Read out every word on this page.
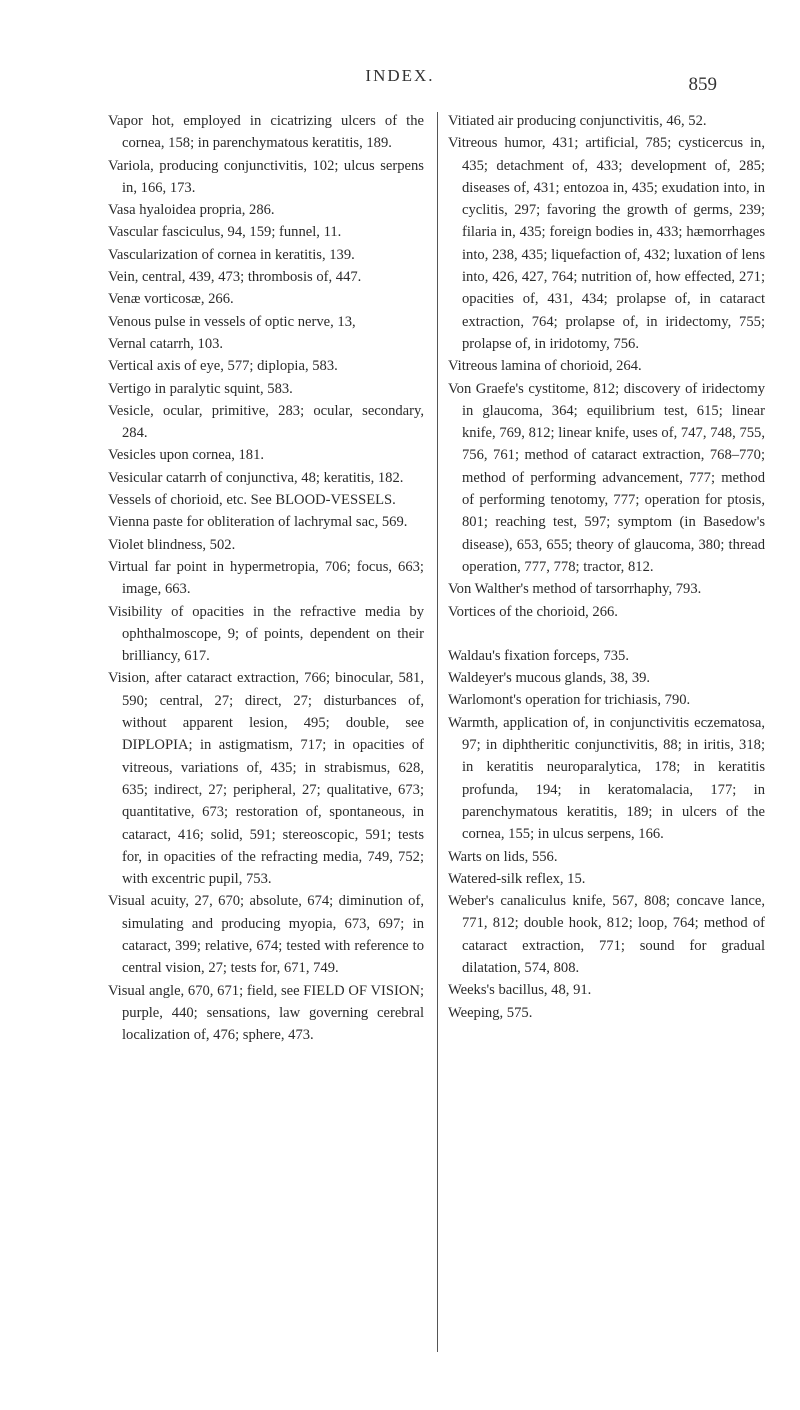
INDEX.	859

Vapor hot, employed in cicatrizing ulcers of the cornea, 158; in parenchymatous keratitis, 189.

Variola, producing conjunctivitis, 102; ulcus serpens in, 166, 173.

Vasa hyaloidea propria, 286.

Vascular fasciculus, 94, 159; funnel, 11.

Vascularization of cornea in keratitis, 139.

Vein, central, 439, 473; thrombosis of, 447.

Venæ vorticosæ, 266.

Venous pulse in vessels of optic nerve, 13,

Vernal catarrh, 103.

Vertical axis of eye, 577; diplopia, 583.

Vertigo in paralytic squint, 583.

Vesicle, ocular, primitive, 283; ocular, secondary, 284.

Vesicles upon cornea, 181.

Vesicular catarrh of conjunctiva, 48; keratitis, 182.

Vessels of chorioid, etc. See BLOOD-VESSELS.

Vienna paste for obliteration of lachrymal sac, 569.

Violet blindness, 502.

Virtual far point in hypermetropia, 706; focus, 663; image, 663.

Visibility of opacities in the refractive media by ophthalmoscope, 9; of points, dependent on their brilliancy, 617.

Vision, after cataract extraction, 766; binocular, 581, 590; central, 27; direct, 27; disturbances of, without apparent lesion, 495; double, see DIPLOPIA; in astigmatism, 717; in opacities of vitreous, variations of, 435; in strabismus, 628, 635; indirect, 27; peripheral, 27; qualitative, 673; quantitative, 673; restoration of, spontaneous, in cataract, 416; solid, 591; stereoscopic, 591; tests for, in opacities of the refracting media, 749, 752; with excentric pupil, 753.

Visual acuity, 27, 670; absolute, 674; diminution of, simulating and producing myopia, 673, 697; in cataract, 399; relative, 674; tested with reference to central vision, 27; tests for, 671, 749.

Visual angle, 670, 671; field, see FIELD OF VISION; purple, 440; sensations, law governing cerebral localization of, 476; sphere, 473.

Vitiated air producing conjunctivitis, 46, 52.

Vitreous humor, 431; artificial, 785; cysticercus in, 435; detachment of, 433; development of, 285; diseases of, 431; entozoa in, 435; exudation into, in cyclitis, 297; favoring the growth of germs, 239; filaria in, 435; foreign bodies in, 433; hæmorrhages into, 238, 435; liquefaction of, 432; luxation of lens into, 426, 427, 764; nutrition of, how effected, 271; opacities of, 431, 434; prolapse of, in cataract extraction, 764; prolapse of, in iridectomy, 755; prolapse of, in iridotomy, 756.

Vitreous lamina of chorioid, 264.

Von Graefe's cystitome, 812; discovery of iridectomy in glaucoma, 364; equilibrium test, 615; linear knife, 769, 812; linear knife, uses of, 747, 748, 755, 756, 761; method of cataract extraction, 768–770; method of performing advancement, 777; method of performing tenotomy, 777; operation for ptosis, 801; reaching test, 597; symptom (in Basedow's disease), 653, 655; theory of glaucoma, 380; thread operation, 777, 778; tractor, 812.

Von Walther's method of tarsorrhaphy, 793.

Vortices of the chorioid, 266.

Waldau's fixation forceps, 735.

Waldeyer's mucous glands, 38, 39.

Warlomont's operation for trichiasis, 790.

Warmth, application of, in conjunctivitis eczematosa, 97; in diphtheritic conjunctivitis, 88; in iritis, 318; in keratitis neuroparalytica, 178; in keratitis profunda, 194; in keratomalacia, 177; in parenchymatous keratitis, 189; in ulcers of the cornea, 155; in ulcus serpens, 166.

Warts on lids, 556.

Watered-silk reflex, 15.

Weber's canaliculus knife, 567, 808; concave lance, 771, 812; double hook, 812; loop, 764; method of cataract extraction, 771; sound for gradual dilatation, 574, 808.

Weeks's bacillus, 48, 91.

Weeping, 575.
